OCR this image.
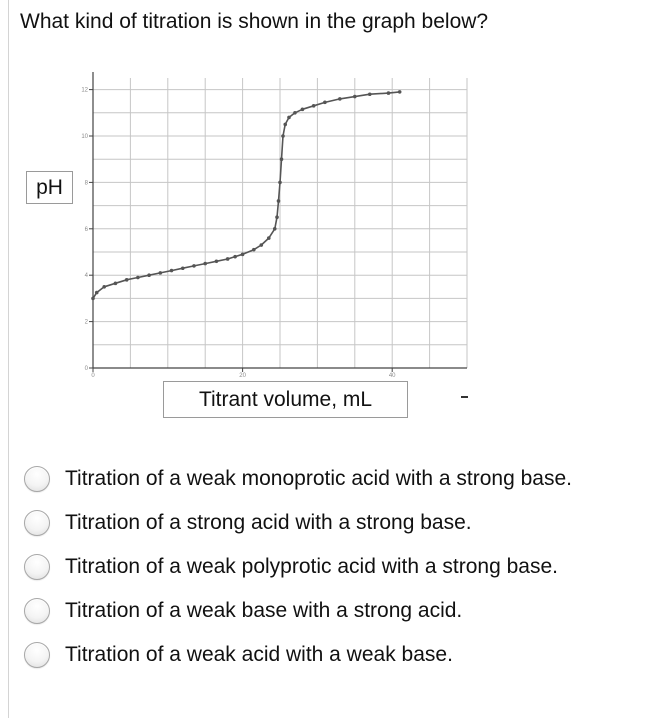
What kind of titration is shown in the graph below?
0
2
4
6
8
10
12
0	20	40
pH
Titrant volume, mL
Titration of a weak monoprotic acid with a strong base.
Titration of a strong acid with a strong base.
Titration of a weak polyprotic acid with a strong base.
Titration of a weak base with a strong acid.
Titration of a weak acid with a weak base.
